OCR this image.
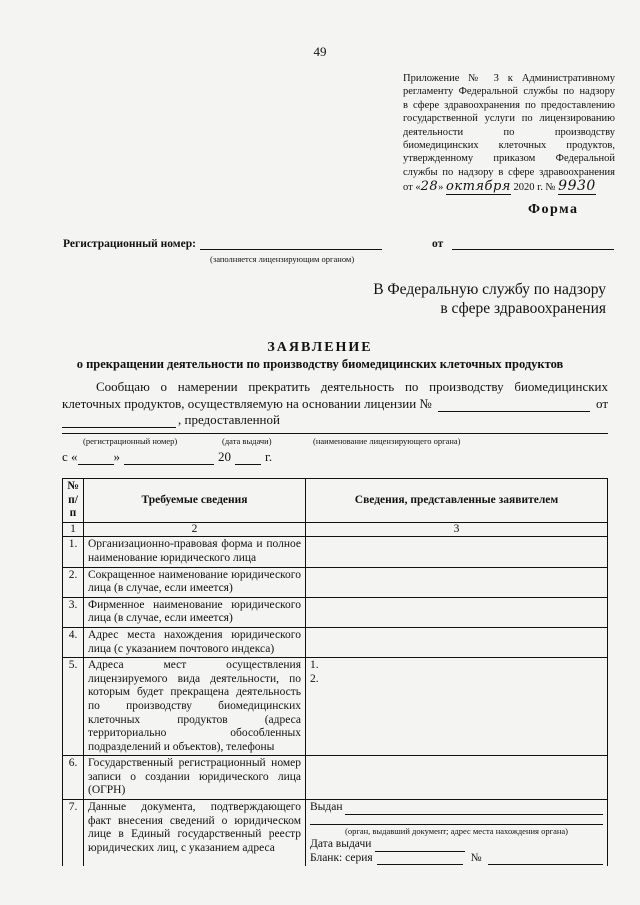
49
Приложение № 3 к Административному
регламенту Федеральной службы по надзору
в сфере здравоохранения по предоставлению
государственной услуги по лицензированию
деятельности по производству
биомедицинских клеточных продуктов,
утвержденному приказом Федеральной
службы по надзору в сфере здравоохранения
от «28» октября 2020 г. № 9930
Форма
Регистрационный номер:
(заполняется лицензирующим органом)
от
В Федеральную службу по надзору
в сфере здравоохранения
ЗАЯВЛЕНИЕ
о прекращении деятельности по производству биомедицинских клеточных продуктов
Сообщаю о намерении прекратить деятельность по производству биомедицинских
клеточных продуктов, осуществляемую на основании лицензии №	от
, предоставленной
(регистрационный номер)	(дата выдачи)	(наименование лицензирующего органа)
с «	»	20	г.
№ п/п	Требуемые сведения	Сведения, представленные заявителем
1	2	3
1.	Организационно-правовая форма и полное наименование юридического лица	
2.	Сокращенное наименование юридического лица (в случае, если имеется)	
3.	Фирменное наименование юридического лица (в случае, если имеется)	
4.	Адрес места нахождения юридического лица (с указанием почтового индекса)	
5.	Адреса мест осуществления лицензируемого вида деятельности, по которым будет прекращена деятельность по производству биомедицинских клеточных продуктов (адреса территориально обособленных подразделений и объектов), телефоны	1.
2.

6.	Государственный регистрационный номер записи о создании юридического лица (ОГРН)	
7.	Данные документа, подтверждающего факт внесения сведений о юридическом лице в Единый государственный реестр юридических лиц, с указанием адреса	Выдан
(орган, выдавший документ; адрес места нахождения органа)
Дата выдачи
Бланк: серия №
